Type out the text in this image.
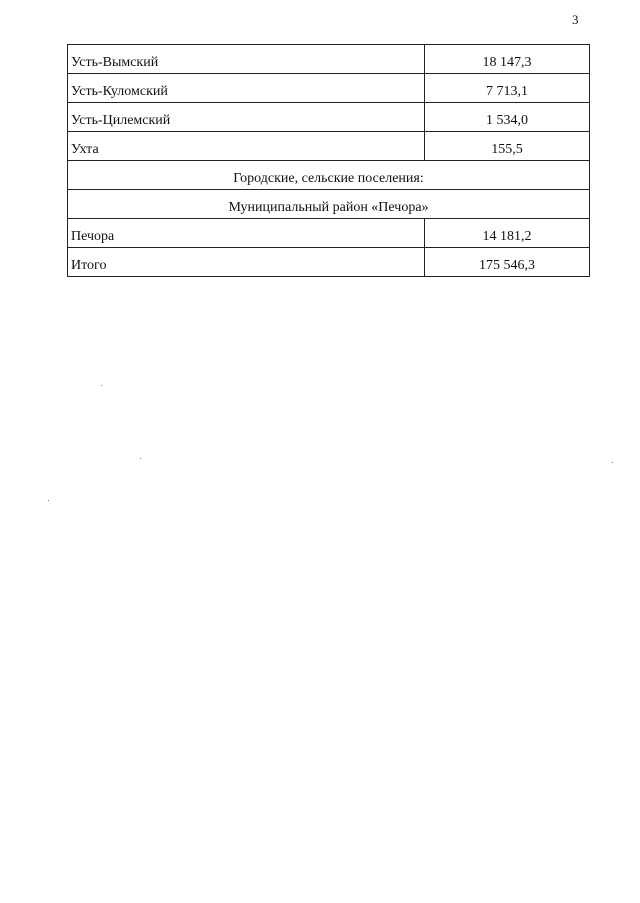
3
Усть-Вымский	18 147,3
Усть-Куломский	7 713,1
Усть-Цилемский	1 534,0
Ухта	155,5
Городские, сельские поселения:	
Муниципальный район «Печора»	
Печора	14 181,2
Итого	175 546,3
